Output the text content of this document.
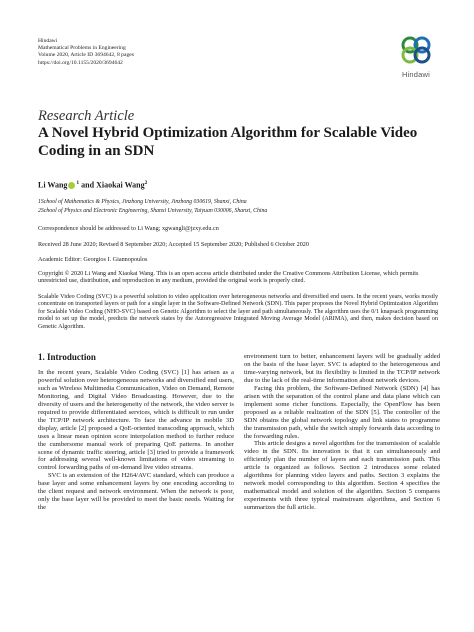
Hindawi
Mathematical Problems in Engineering
Volume 2020, Article ID 3694642, 8 pages
https://doi.org/10.1155/2020/3694642
Hindawi
Research Article
A Novel Hybrid Optimization Algorithm for Scalable Video Coding in an SDN
Li Wang $^1$ and Xiaokai Wang$^2$
1School of Mathematics & Physics, Jinzhong University, Jinzhong 030619, Shanxi, China
2School of Physics and Electronic Engineering, Shanxi University, Taiyuan 030006, Shanxi, China
Correspondence should be addressed to Li Wang; xgwangli@jzxy.edu.cn
Received 28 June 2020; Revised 8 September 2020; Accepted 15 September 2020; Published 6 October 2020
Academic Editor: Georgios I. Giannopoulos
Copyright © 2020 Li Wang and Xiaokai Wang. This is an open access article distributed under the Creative Commons Attribution License, which permits unrestricted use, distribution, and reproduction in any medium, provided the original work is properly cited.
Scalable Video Coding (SVC) is a powerful solution to video application over heterogeneous networks and diversified end users. In the recent years, works mostly concentrate on transported layers or path for a single layer in the Software-Defined Network (SDN). This paper proposes the Novel Hybrid Optimization Algorithm for Scalable Video Coding (NHO-SVC) based on Genetic Algorithm to select the layer and path simultaneously. The algorithm uses the 0/1 knapsack programming model to set up the model, predicts the network states by the Autoregressive Integrated Moving Average Model (ARIMA), and then, makes decision based on Genetic Algorithm.
1. Introduction

In the recent years, Scalable Video Coding (SVC) [1] has arisen as a powerful solution over heterogeneous networks and diversified end users, such as Wireless Multimedia Communication, Video on Demand, Remote Monitoring, and Digital Video Broadcasting. However, due to the diversity of users and the heterogeneity of the network, the video server is required to provide differentiated services, which is difficult to run under the TCP/IP network architecture. To face the advance in mobile 3D display, article [2] proposed a QoE-oriented transcoding approach, which uses a linear mean opinion score interpolation method to further reduce the cumbersome manual work of preparing QoE patterns. In another scene of dynamic traffic steering, article [3] tried to provide a framework for addressing several well-known limitations of video streaming to control forwarding paths of on-demand live video streams.

SVC is an extension of the H264/AVC standard, which can produce a base layer and some enhancement layers by one encoding according to the client request and network environment. When the network is poor, only the base layer will be provided to meet the basic needs. Waiting for the

environment turn to better, enhancement layers will be gradually added on the basis of the base layer. SVC is adapted to the heterogeneous and time-varying network, but its flexibility is limited in the TCP/IP network due to the lack of the real-time information about network devices.

Facing this problem, the Software-Defined Network (SDN) [4] has arisen with the separation of the control plane and data plane which can implement some richer functions. Especially, the OpenFlow has been proposed as a reliable realization of the SDN [5]. The controller of the SDN obtains the global network topology and link states to programme the transmission path, while the switch simply forwards data according to the forwarding rules.

This article designs a novel algorithm for the transmission of scalable video in the SDN. Its innovation is that it can simultaneously and efficiently plan the number of layers and each transmission path. This article is organized as follows. Section 2 introduces some related algorithms for planning video layers and paths. Section 3 explains the network model corresponding to this algorithm. Section 4 specifies the mathematical model and solution of the algorithm. Section 5 compares experiments with three typical mainstream algorithms, and Section 6 summarizes the full article.
